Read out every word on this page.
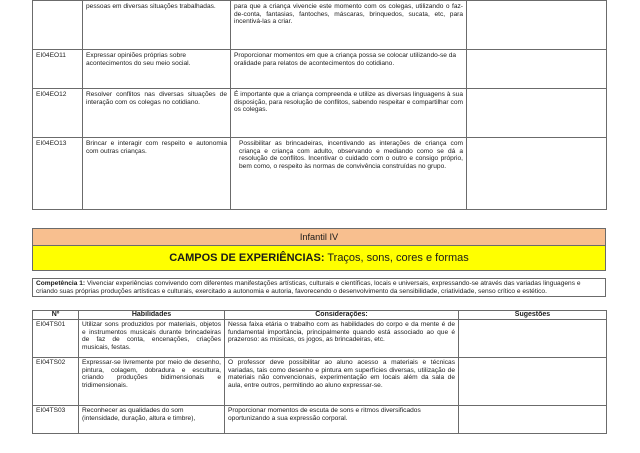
	pessoas em diversas situações trabalhadas.	para que a criança vivencie este momento com os colegas, utilizando o faz-de-conta, fantasias, fantoches, máscaras, brinquedos, sucata, etc, para incentivá-las a criar.	
EI04EO11	Expressar opiniões próprias sobre acontecimentos do seu meio social.	Proporcionar momentos em que a criança possa se colocar utilizando-se da oralidade para relatos de acontecimentos do cotidiano.	
EI04EO12	Resolver conflitos nas diversas situações de interação com os colegas no cotidiano.	É importante que a criança compreenda e utilize as diversas linguagens à sua disposição, para resolução de conflitos, sabendo respeitar e compartilhar com os colegas.	
EI04EO13	Brincar e interagir com respeito e autonomia com outras crianças.	Possibilitar as brincadeiras, incentivando as interações de criança com criança e criança com adulto, observando e mediando como se dá a resolução de conflitos. Incentivar o cuidado com o outro e consigo próprio, bem como, o respeito às normas de convivência construídas no grupo.	
Infantil IV
CAMPOS DE EXPERIÊNCIAS: Traços, sons, cores e formas
Competência 1: Vivenciar experiências convivendo com diferentes manifestações artísticas, culturais e científicas, locais e universais, expressando-se através das variadas linguagens e criando suas próprias produções artísticas e culturais, exercitado a autonomia e autoria, favorecendo o desenvolvimento da sensibilidade, criatividade, senso crítico e estético.
Nº	Habilidades	Considerações:	Sugestões
EI04TS01	Utilizar sons produzidos por materiais, objetos e instrumentos musicais durante brincadeiras de faz de conta, encenações, criações musicais, festas.	Nessa faixa etária o trabalho com as habilidades do corpo e da mente é de fundamental importância, principalmente quando está associado ao que é prazeroso: as músicas, os jogos, as brincadeiras, etc.	
EI04TS02	Expressar-se livremente por meio de desenho, pintura, colagem, dobradura e escultura, criando produções bidimensionais e tridimensionais.	O professor deve possibilitar ao aluno acesso a materiais e técnicas variadas, tais como desenho e pintura em superfícies diversas, utilização de materiais não convencionais, experimentação em locais além da sala de aula, entre outros, permitindo ao aluno expressar-se.	
EI04TS03	Reconhecer as qualidades do som (intensidade, duração, altura e timbre),	Proporcionar momentos de escuta de sons e ritmos diversificados oportunizando a sua expressão corporal.	
